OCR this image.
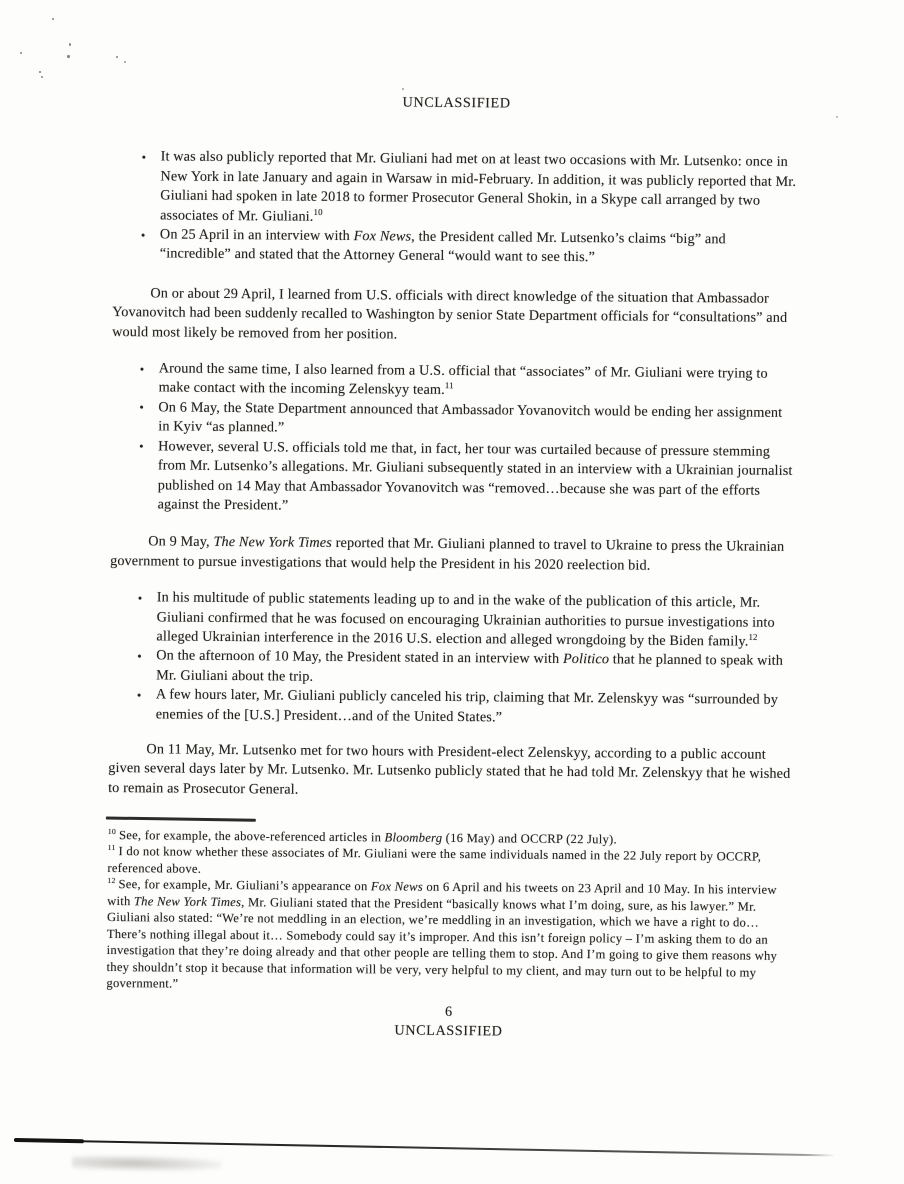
UNCLASSIFIED
• It was also publicly reported that Mr. Giuliani had met on at least two occasions with Mr. Lutsenko: once in New York in late January and again in Warsaw in mid-February. In addition, it was publicly reported that Mr. Giuliani had spoken in late 2018 to former Prosecutor General Shokin, in a Skype call arranged by two associates of Mr. Giuliani.$^{10}$
• On 25 April in an interview with Fox News, the President called Mr. Lutsenko’s claims “big” and “incredible” and stated that the Attorney General “would want to see this.”

On or about 29 April, I learned from U.S. officials with direct knowledge of the situation that Ambassador Yovanovitch had been suddenly recalled to Washington by senior State Department officials for “consultations” and would most likely be removed from her position.

• Around the same time, I also learned from a U.S. official that “associates” of Mr. Giuliani were trying to make contact with the incoming Zelenskyy team.$^{11}$
• On 6 May, the State Department announced that Ambassador Yovanovitch would be ending her assignment in Kyiv “as planned.”
• However, several U.S. officials told me that, in fact, her tour was curtailed because of pressure stemming from Mr. Lutsenko’s allegations. Mr. Giuliani subsequently stated in an interview with a Ukrainian journalist published on 14 May that Ambassador Yovanovitch was “removed…because she was part of the efforts against the President.”

On 9 May, The New York Times reported that Mr. Giuliani planned to travel to Ukraine to press the Ukrainian government to pursue investigations that would help the President in his 2020 reelection bid.

• In his multitude of public statements leading up to and in the wake of the publication of this article, Mr. Giuliani confirmed that he was focused on encouraging Ukrainian authorities to pursue investigations into alleged Ukrainian interference in the 2016 U.S. election and alleged wrongdoing by the Biden family.$^{12}$
• On the afternoon of 10 May, the President stated in an interview with Politico that he planned to speak with Mr. Giuliani about the trip.
• A few hours later, Mr. Giuliani publicly canceled his trip, claiming that Mr. Zelenskyy was “surrounded by enemies of the [U.S.] President…and of the United States.”

On 11 May, Mr. Lutsenko met for two hours with President-elect Zelenskyy, according to a public account given several days later by Mr. Lutsenko. Mr. Lutsenko publicly stated that he had told Mr. Zelenskyy that he wished to remain as Prosecutor General.

$^{10}$ See, for example, the above-referenced articles in Bloomberg (16 May) and OCCRP (22 July).
$^{11}$ I do not know whether these associates of Mr. Giuliani were the same individuals named in the 22 July report by OCCRP, referenced above.
$^{12}$ See, for example, Mr. Giuliani’s appearance on Fox News on 6 April and his tweets on 23 April and 10 May. In his interview with The New York Times, Mr. Giuliani stated that the President “basically knows what I’m doing, sure, as his lawyer.” Mr. Giuliani also stated: “We’re not meddling in an election, we’re meddling in an investigation, which we have a right to do… There’s nothing illegal about it… Somebody could say it’s improper. And this isn’t foreign policy – I’m asking them to do an investigation that they’re doing already and that other people are telling them to stop. And I’m going to give them reasons why they shouldn’t stop it because that information will be very, very helpful to my client, and may turn out to be helpful to my government.”
6
UNCLASSIFIED
